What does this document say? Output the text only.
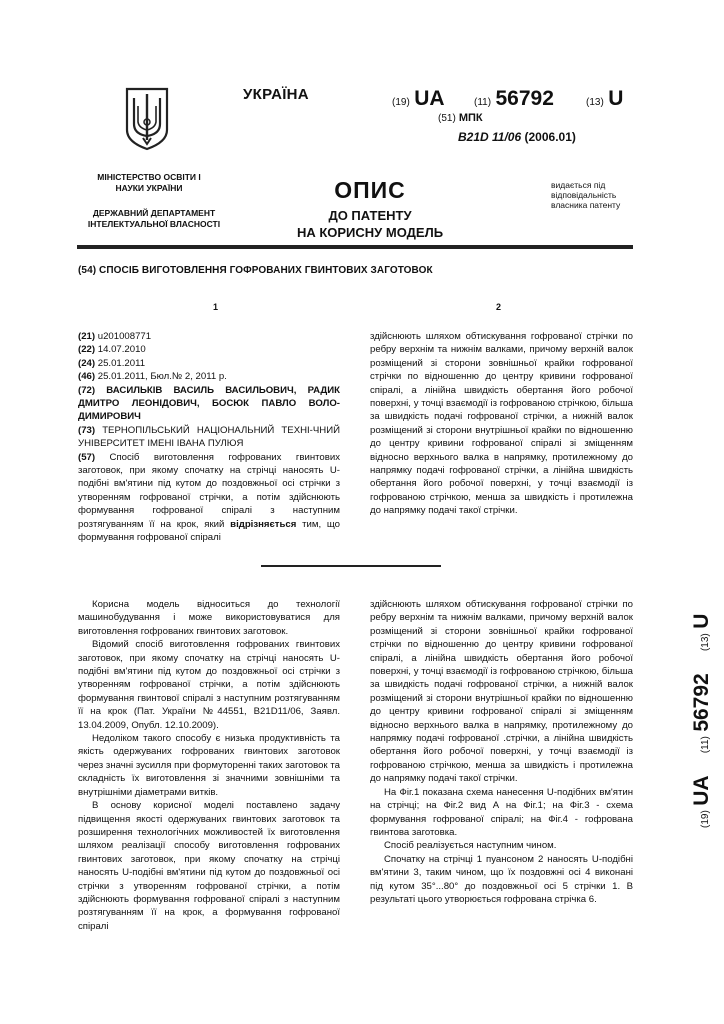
УКРАЇНА	(19) UA	(11) 56792	(13) U
(51) МПК
B21D 11/06 (2006.01)
МІНІСТЕРСТВО ОСВІТИ І НАУКИ УКРАЇНИ
ДЕРЖАВНИЙ ДЕПАРТАМЕНТ ІНТЕЛЕКТУАЛЬНОЇ ВЛАСНОСТІ
ОПИС
ДО ПАТЕНТУ
НА КОРИСНУ МОДЕЛЬ
видається під відповідальність власника патенту
(54) СПОСІБ ВИГОТОВЛЕННЯ ГОФРОВАНИХ ГВИНТОВИХ ЗАГОТОВОК
1	2

(21) u201008771

(22) 14.07.2010

(24) 25.01.2011

(46) 25.01.2011, Бюл.№ 2, 2011 р.

(72) ВАСИЛЬКІВ ВАСИЛЬ ВАСИЛЬОВИЧ, РАДИК ДМИТРО ЛЕОНІДОВИЧ, БОСЮК ПАВЛО ВОЛО-ДИМИРОВИЧ

(73) ТЕРНОПІЛЬСЬКИЙ НАЦІОНАЛЬНИЙ ТЕХНІ-ЧНИЙ УНІВЕРСИТЕТ ІМЕНІ ІВАНА ПУЛЮЯ

(57) Спосіб виготовлення гофрованих гвинтових заготовок, при якому спочатку на стрічці наносять U-подібні вм'ятини під кутом до поздовжньої осі стрічки з утворенням гофрованої стрічки, а потім здійснюють формування гофрованої спіралі з наступним розтягуванням її на крок, який відрізняється тим, що формування гофрованої спіралі

здійснюють шляхом обтискування гофрованої стрічки по ребру верхнім та нижнім валками, причому верхній валок розміщений зі сторони зовнішньої крайки гофрованої стрічки по відношенню до центру кривини гофрованої спіралі, а лінійна швидкість обертання його робочої поверхні, у точці взаємодії із гофрованою стрічкою, більша за швидкість подачі гофрованої стрічки, а нижній валок розміщений зі сторони внутрішньої крайки по відношенню до центру кривини гофрованої спіралі зі зміщенням відносно верхнього валка в напрямку, протилежному до напрямку подачі гофрованої стрічки, а лінійна швидкість обертання його робочої поверхні, у точці взаємодії із гофрованою стрічкою, менша за швидкість і протилежна до напрямку подачі такої стрічки.

Корисна модель відноситься до технології машинобудування і може використовуватися для виготовлення гофрованих гвинтових заготовок.

Відомий спосіб виготовлення гофрованих гвинтових заготовок, при якому спочатку на стрічці наносять U- подібні вм'ятини під кутом до поздовжньої осі стрічки з утворенням гофрованої стрічки, а потім здійснюють формування гвинтової спіралі з наступним розтягуванням її на крок (Пат. України №44551, B21D11/06, Заявл. 13.04.2009, Опубл. 12.10.2009).

Недоліком такого способу є низька продуктивність та якість одержуваних гофрованих гвинтових заготовок через значні зусилля при формуторенні таких заготовок та складність їх виготовлення зі значними зовнішніми та внутрішніми діаметрами витків.

В основу корисної моделі поставлено задачу підвищення якості одержуваних гвинтових заготовок та розширення технологічних можливостей їх виготовлення шляхом реалізації способу виготовлення гофрованих гвинтових заготовок, при якому спочатку на стрічці наносять U-подібні вм'ятини під кутом до поздовжньої осі стрічки з утворенням гофрованої стрічки, а потім здійснюють формування гофрованої спіралі з наступним розтягуванням її на крок, а формування гофрованої спіралі

здійснюють шляхом обтискування гофрованої стрічки по ребру верхнім та нижнім валками, причому верхній валок розміщений зі сторони зовнішньої крайки гофрованої стрічки по відношенню до центру кривини гофрованої спіралі, а лінійна швидкість обертання його робочої поверхні, у точці взаємодії із гофрованою стрічкою, більша за швидкість подачі гофрованої стрічки, а нижній валок розміщений зі сторони внутрішньої крайки по відношенню до центру кривини гофрованої спіралі зі зміщенням відносно верхнього валка в напрямку, протилежному до напрямку подачі гофрованої .стрічки, а лінійна швидкість обертання його робочої поверхні, у точці взаємодії із гофрованою стрічкою, менша за швидкість і протилежна до напрямку подачі такої стрічки.

На Фіг.1 показана схема нанесення U-подібних вм'ятин на стрічці; на Фіг.2 вид А на Фіг.1; на Фіг.3 - схема формування гофрованої спіралі; на Фіг.4 - гофрована гвинтова заготовка.

Спосіб реалізується наступним чином.

Спочатку на стрічці 1 пуансоном 2 наносять U-подібні вм'ятини 3, таким чином, що їх поздовжні осі 4 виконані під кутом 35°...80° до поздовжньої осі 5 стрічки 1. В результаті цього утворюється гофрована стрічка 6.

(19) UA     (11) 56792     (13) U
